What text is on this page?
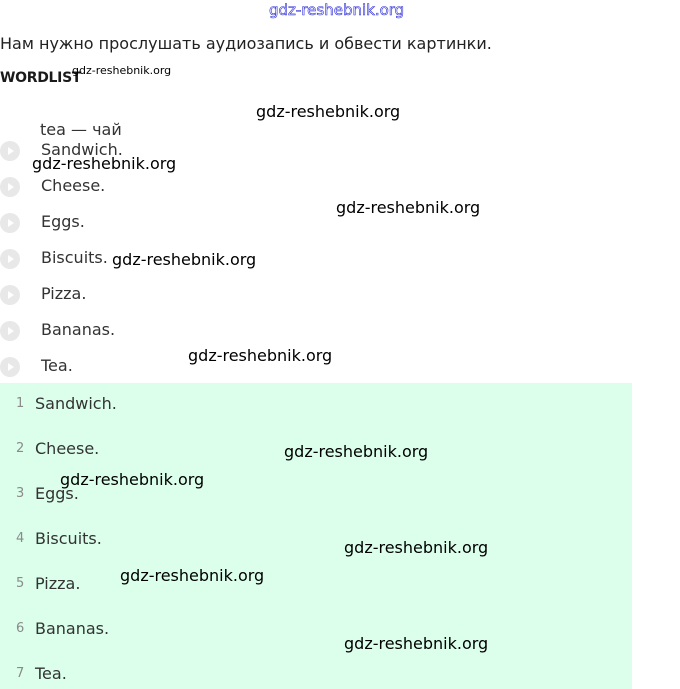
gdz-reshebnik.org
Нам нужно прослушать аудиозапись и обвести картинки.
WORDLIST
tea — чай
Sandwich.
Cheese.
Eggs.
Biscuits.
Pizza.
Bananas.
Tea.
1 Sandwich.
2 Cheese.
3 Eggs.
4 Biscuits.
5 Pizza.
6 Bananas.
7 Tea.
gdz-reshebnik.org
gdz-reshebnik.org
gdz-reshebnik.org
gdz-reshebnik.org
gdz-reshebnik.org
gdz-reshebnik.org
gdz-reshebnik.org
gdz-reshebnik.org
gdz-reshebnik.org
gdz-reshebnik.org
gdz-reshebnik.org
